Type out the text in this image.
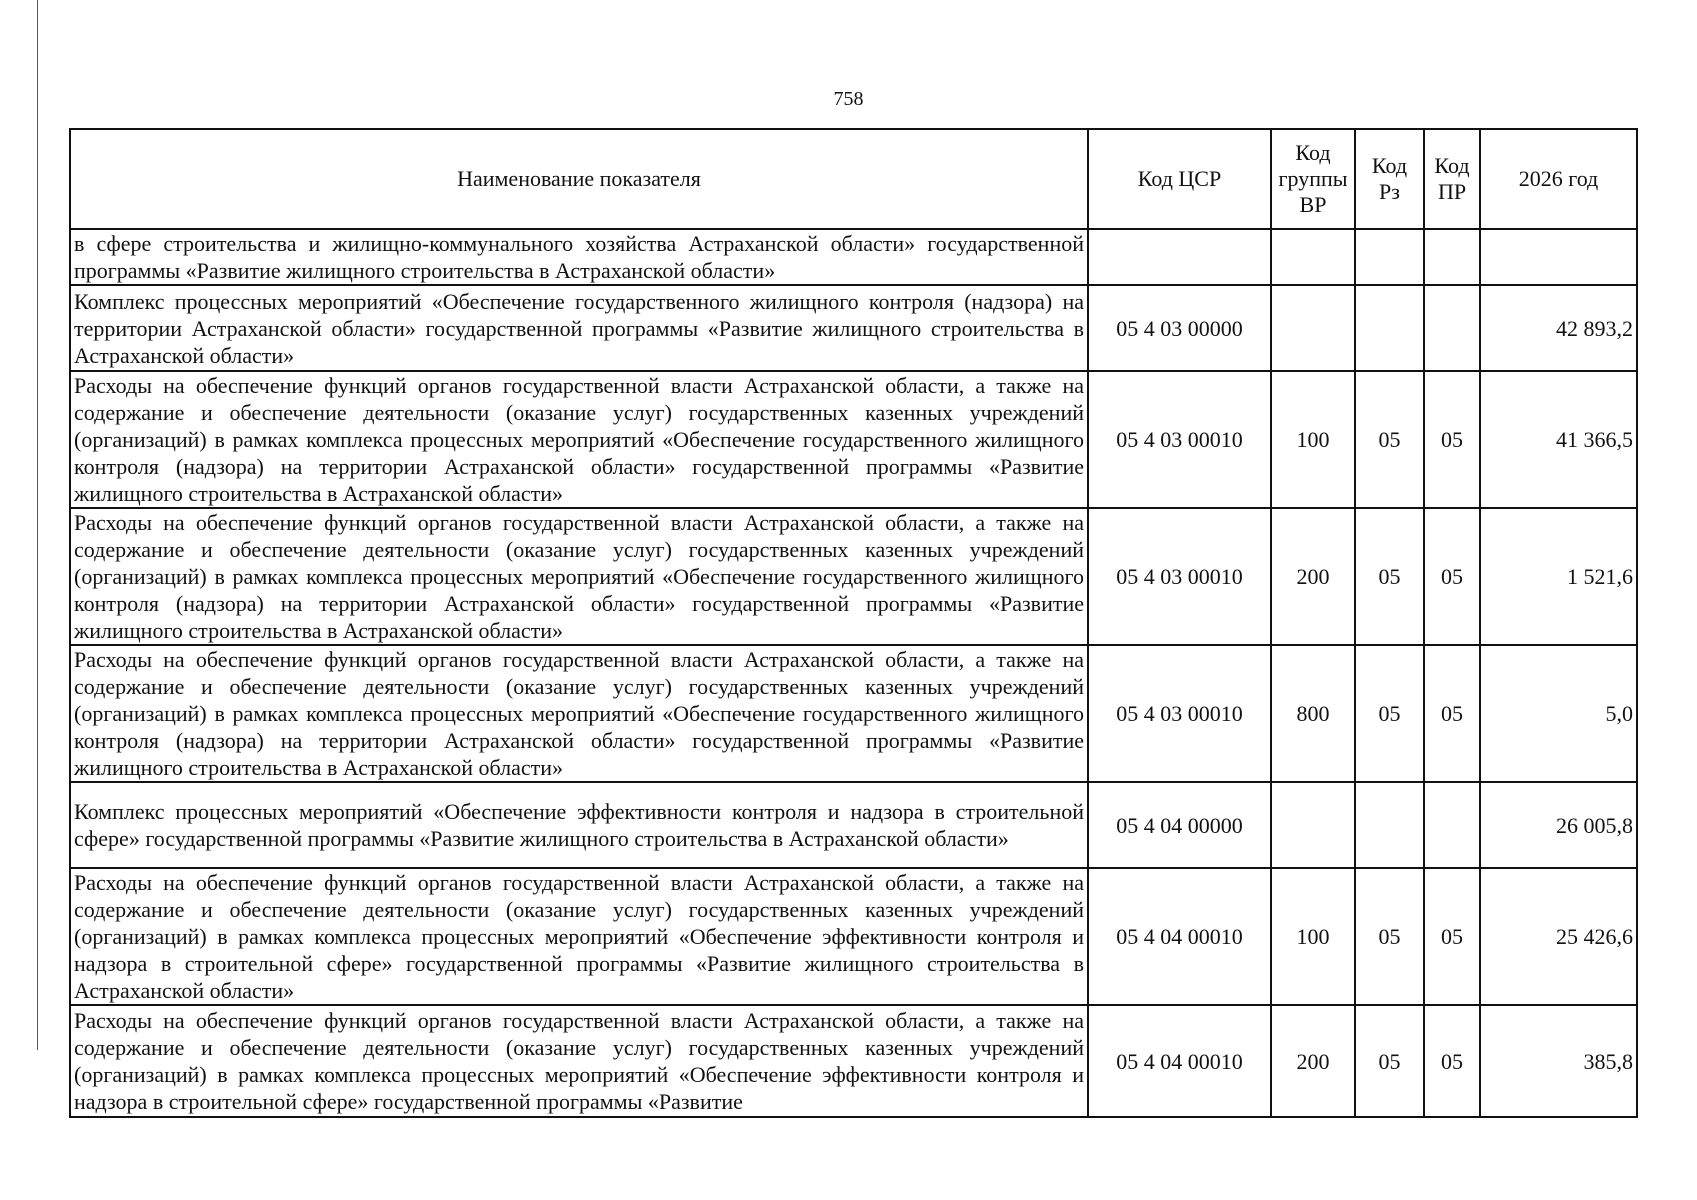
758
Наименование показателя	Код ЦСР	Код группы ВР	Код Рз	Код ПР	2026 год
в сфере строительства и жилищно-коммунального хозяйства Астраханской области» государственной программы «Развитие жилищного строительства в Астраханской области»					
Комплекс процессных мероприятий «Обеспечение государственного жилищного контроля (надзора) на территории Астраханской области» государственной программы «Развитие жилищного строительства в Астраханской области»	05 4 03 00000				42 893,2
Расходы на обеспечение функций органов государственной власти Астраханской области, а также на содержание и обеспечение деятельности (оказание услуг) государственных казенных учреждений (организаций) в рамках комплекса процессных мероприятий «Обеспечение государственного жилищного контроля (надзора) на территории Астраханской области» государственной программы «Развитие жилищного строительства в Астраханской области»	05 4 03 00010	100	05	05	41 366,5
Расходы на обеспечение функций органов государственной власти Астраханской области, а также на содержание и обеспечение деятельности (оказание услуг) государственных казенных учреждений (организаций) в рамках комплекса процессных мероприятий «Обеспечение государственного жилищного контроля (надзора) на территории Астраханской области» государственной программы «Развитие жилищного строительства в Астраханской области»	05 4 03 00010	200	05	05	1 521,6
Расходы на обеспечение функций органов государственной власти Астраханской области, а также на содержание и обеспечение деятельности (оказание услуг) государственных казенных учреждений (организаций) в рамках комплекса процессных мероприятий «Обеспечение государственного жилищного контроля (надзора) на территории Астраханской области» государственной программы «Развитие жилищного строительства в Астраханской области»	05 4 03 00010	800	05	05	5,0
Комплекс процессных мероприятий «Обеспечение эффективности контроля и надзора в строительной сфере» государственной программы «Развитие жилищного строительства в Астраханской области»	05 4 04 00000				26 005,8
Расходы на обеспечение функций органов государственной власти Астраханской области, а также на содержание и обеспечение деятельности (оказание услуг) государственных казенных учреждений (организаций) в рамках комплекса процессных мероприятий «Обеспечение эффективности контроля и надзора в строительной сфере» государственной программы «Развитие жилищного строительства в Астраханской области»	05 4 04 00010	100	05	05	25 426,6
Расходы на обеспечение функций органов государственной власти Астраханской области, а также на содержание и обеспечение деятельности (оказание услуг) государственных казенных учреждений (организаций) в рамках комплекса процессных мероприятий «Обеспечение эффективности контроля и надзора в строительной сфере» государственной программы «Развитие	05 4 04 00010	200	05	05	385,8
